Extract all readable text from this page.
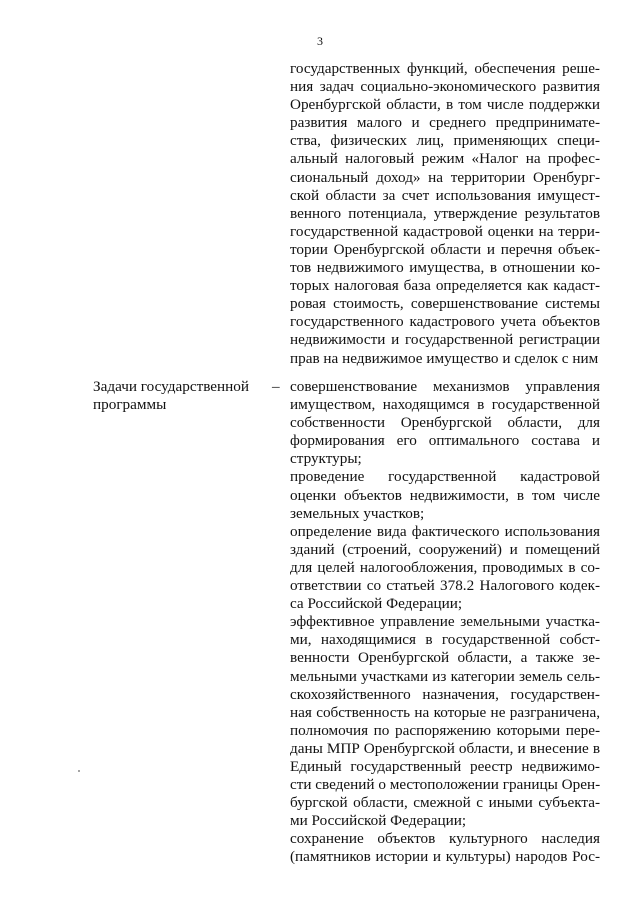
3
государственных функций, обеспечения реше-
ния задач социально-экономического развития
Оренбургской области, в том числе поддержки
развития малого и среднего предпринимате-
ства, физических лиц, применяющих специ-
альный налоговый режим «Налог на профес-
сиональный доход» на территории Оренбург-
ской области за счет использования имущест-
венного потенциала, утверждение результатов
государственной кадастровой оценки на терри-
тории Оренбургской области и перечня объек-
тов недвижимого имущества, в отношении ко-
торых налоговая база определяется как кадаст-
ровая стоимость, совершенствование системы
государственного кадастрового учета объектов
недвижимости и государственной регистрации
прав на недвижимое имущество и сделок с ним
Задачи государственной
программы
– совершенствование механизмов управления
имуществом, находящимся в государственной
собственности Оренбургской области, для
формирования его оптимального состава и
структуры;
проведение государственной кадастровой
оценки объектов недвижимости, в том числе
земельных участков;
определение вида фактического использования
зданий (строений, сооружений) и помещений
для целей налогообложения, проводимых в со-
ответствии со статьей 378.2 Налогового кодек-
са Российской Федерации;
эффективное управление земельными участка-
ми, находящимися в государственной собст-
венности Оренбургской области, а также зе-
мельными участками из категории земель сель-
скохозяйственного назначения, государствен-
ная собственность на которые не разграничена,
полномочия по распоряжению которыми пере-
даны МПР Оренбургской области, и внесение в
Единый государственный реестр недвижимо-
сти сведений о местоположении границы Орен-
бургской области, смежной с иными субъекта-
ми Российской Федерации;
сохранение объектов культурного наследия
(памятников истории и культуры) народов Рос-
